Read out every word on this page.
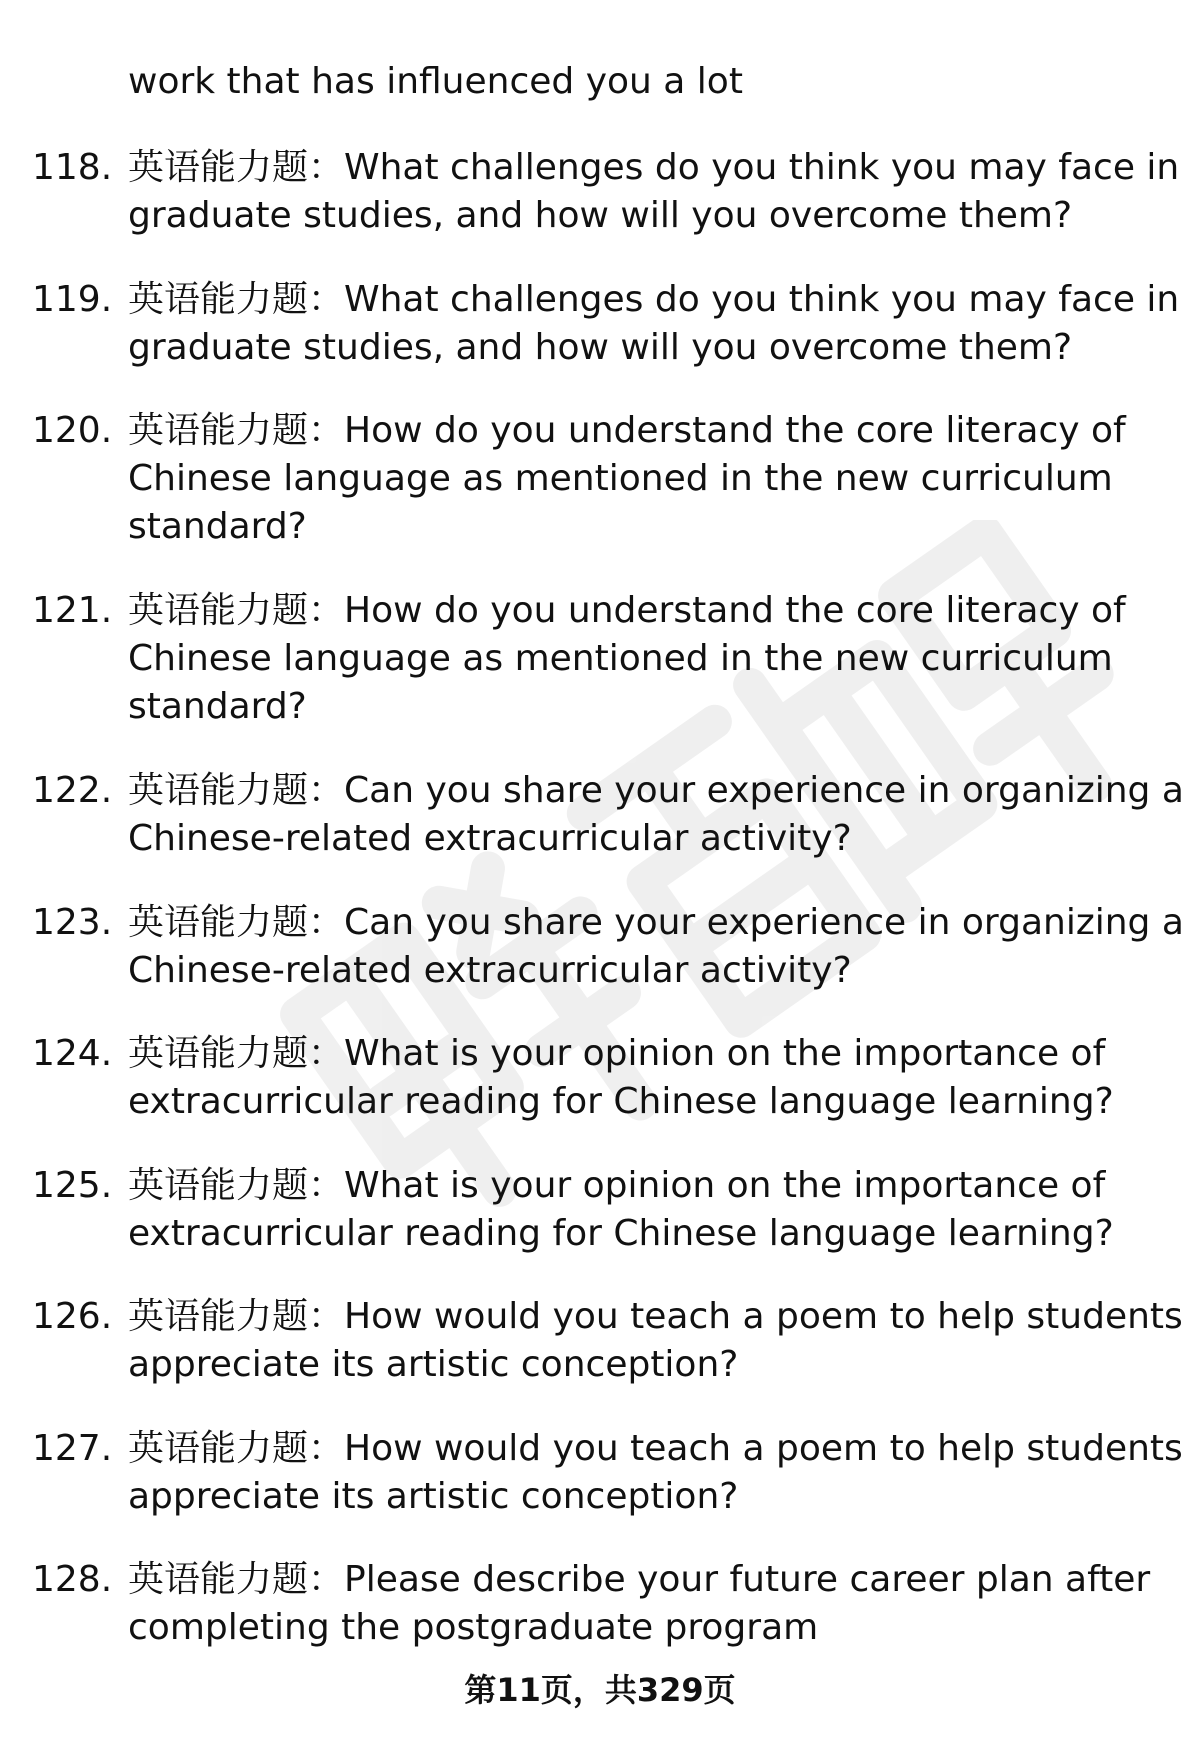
work that has influenced you a lot
118. 英语能力题：What challenges do you think you may face in
graduate studies, and how will you overcome them?
119. 英语能力题：What challenges do you think you may face in
graduate studies, and how will you overcome them?
120. 英语能力题：How do you understand the core literacy of
Chinese language as mentioned in the new curriculum
standard?
121. 英语能力题：How do you understand the core literacy of
Chinese language as mentioned in the new curriculum
standard?
122. 英语能力题：Can you share your experience in organizing a
Chinese-related extracurricular activity?
123. 英语能力题：Can you share your experience in organizing a
Chinese-related extracurricular activity?
124. 英语能力题：What is your opinion on the importance of
extracurricular reading for Chinese language learning?
125. 英语能力题：What is your opinion on the importance of
extracurricular reading for Chinese language learning?
126. 英语能力题：How would you teach a poem to help students
appreciate its artistic conception?
127. 英语能力题：How would you teach a poem to help students
appreciate its artistic conception?
128. 英语能力题：Please describe your future career plan after
completing the postgraduate program
第11页，共329页
